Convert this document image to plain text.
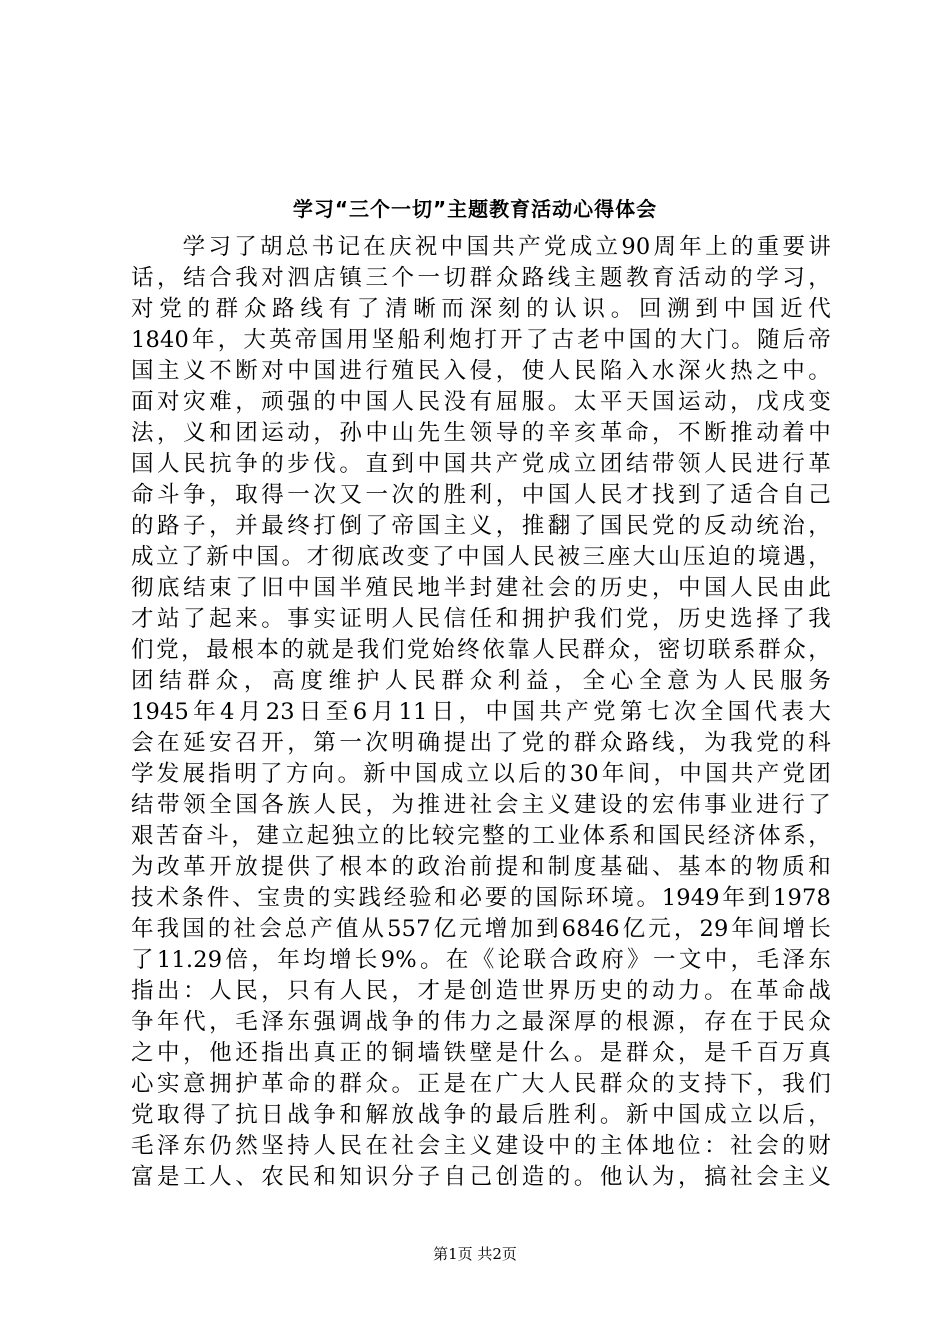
学习“三个一切”主题教育活动心得体会
　　学习了胡总书记在庆祝中国共产党成立90周年上的重要讲
话，结合我对泗店镇三个一切群众路线主题教育活动的学习，
对党的群众路线有了清晰而深刻的认识。回溯到中国近代
1840年，大英帝国用坚船利炮打开了古老中国的大门。随后帝
国主义不断对中国进行殖民入侵，使人民陷入水深火热之中。
面对灾难，顽强的中国人民没有屈服。太平天国运动，戊戌变
法，义和团运动，孙中山先生领导的辛亥革命，不断推动着中
国人民抗争的步伐。直到中国共产党成立团结带领人民进行革
命斗争，取得一次又一次的胜利，中国人民才找到了适合自己
的路子，并最终打倒了帝国主义，推翻了国民党的反动统治，
成立了新中国。才彻底改变了中国人民被三座大山压迫的境遇，
彻底结束了旧中国半殖民地半封建社会的历史，中国人民由此
才站了起来。事实证明人民信任和拥护我们党，历史选择了我
们党，最根本的就是我们党始终依靠人民群众，密切联系群众，
团结群众，高度维护人民群众利益，全心全意为人民服务
1945年4月23日至6月11日，中国共产党第七次全国代表大
会在延安召开，第一次明确提出了党的群众路线，为我党的科
学发展指明了方向。新中国成立以后的30年间，中国共产党团
结带领全国各族人民，为推进社会主义建设的宏伟事业进行了
艰苦奋斗，建立起独立的比较完整的工业体系和国民经济体系，
为改革开放提供了根本的政治前提和制度基础、基本的物质和
技术条件、宝贵的实践经验和必要的国际环境。1949年到1978
年我国的社会总产值从557亿元增加到6846亿元，29年间增长
了11.29倍，年均增长9%。在《论联合政府》一文中，毛泽东
指出：人民，只有人民，才是创造世界历史的动力。在革命战
争年代，毛泽东强调战争的伟力之最深厚的根源，存在于民众
之中，他还指出真正的铜墙铁壁是什么。是群众，是千百万真
心实意拥护革命的群众。正是在广大人民群众的支持下，我们
党取得了抗日战争和解放战争的最后胜利。新中国成立以后，
毛泽东仍然坚持人民在社会主义建设中的主体地位：社会的财
富是工人、农民和知识分子自己创造的。他认为，搞社会主义
第1页 共2页
